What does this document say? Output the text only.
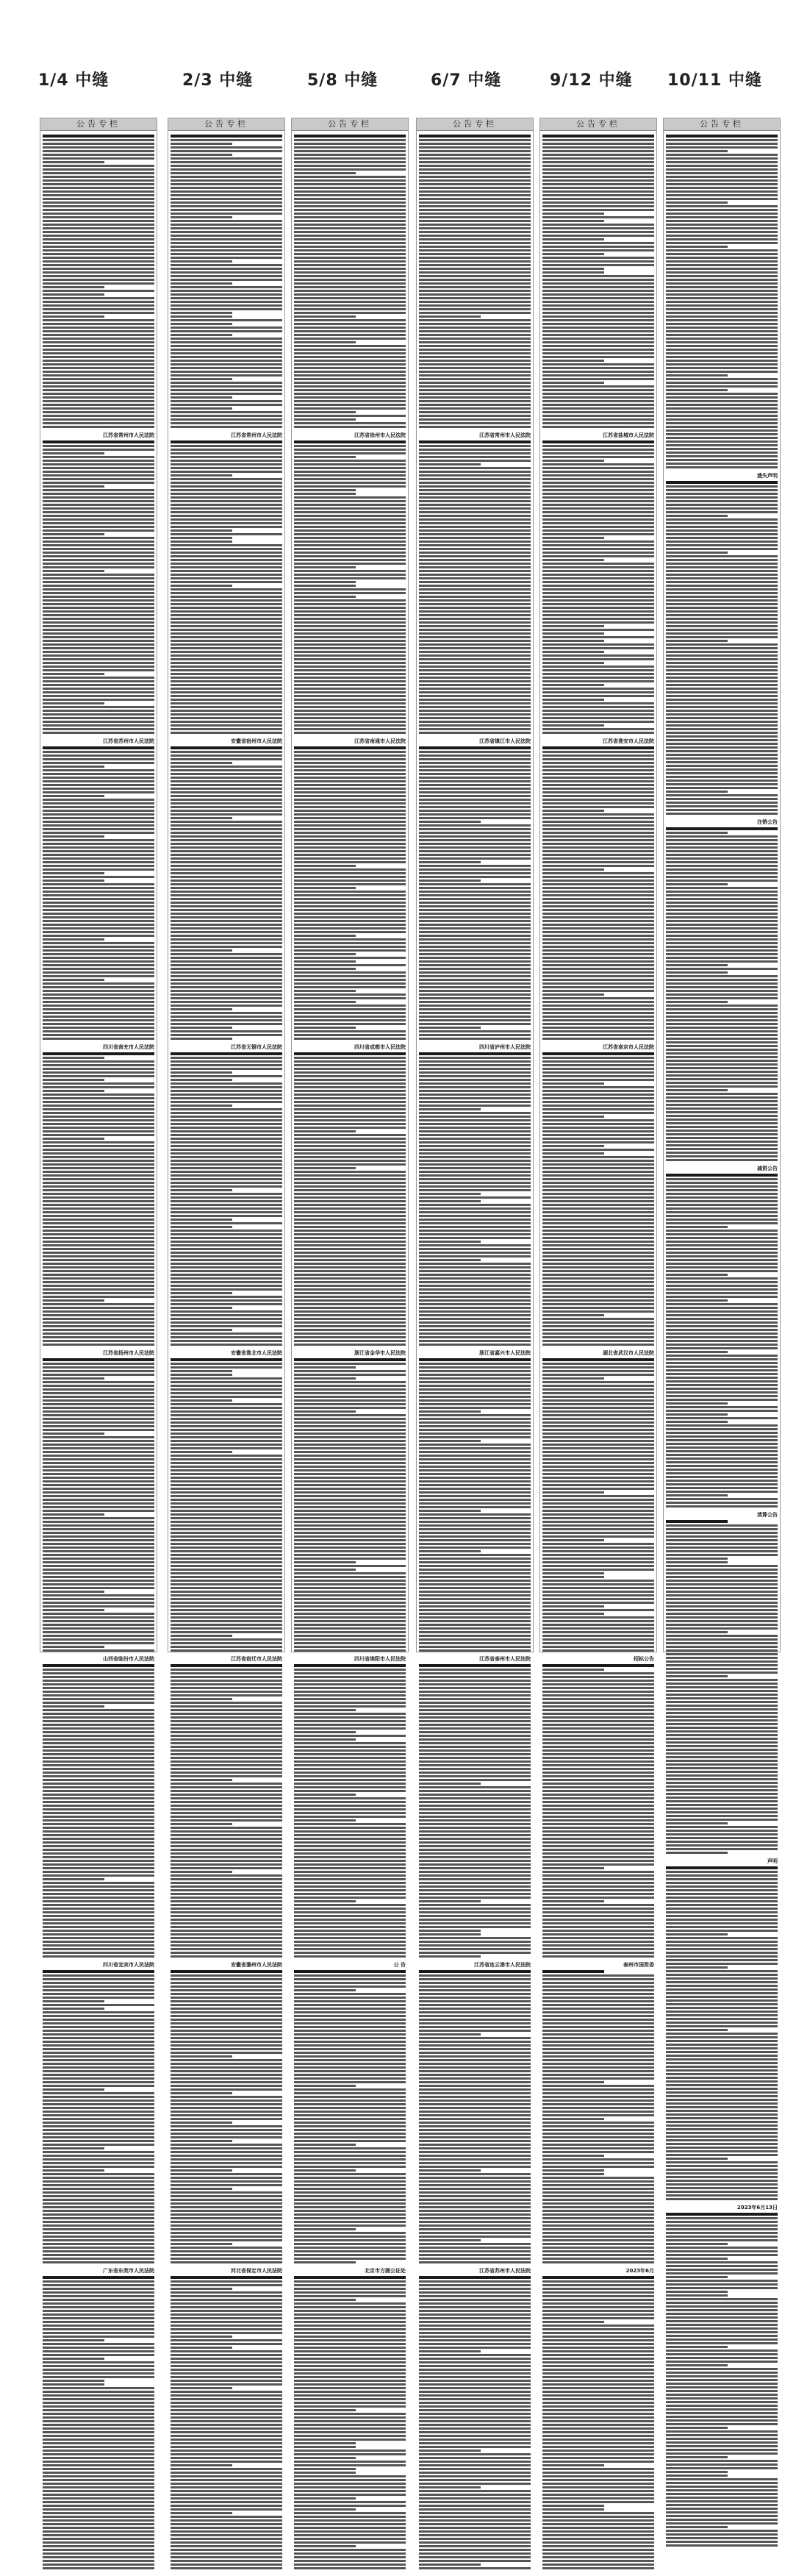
1/4 中缝	2/3 中缝	5/8 中缝	6/7 中缝	9/12 中缝 10/11 中缝
公告专栏
江苏省常州市人民法院
江苏省苏州市人民法院
四川省南充市人民法院
江苏省扬州市人民法院
山西省临汾市人民法院
四川省宜宾市人民法院
广东省东莞市人民法院
公告专栏
江苏省常州市人民法院
安徽省宿州市人民法院
江苏省无锡市人民法院
安徽省淮北市人民法院
江苏省宿迁市人民法院
安徽省滁州市人民法院
河北省保定市人民法院
公告专栏
江苏省徐州市人民法院
江苏省南通市人民法院
四川省成都市人民法院
浙江省金华市人民法院
四川省绵阳市人民法院
公 告
北京市方圆公证处
公告专栏
江苏省常州市人民法院
江苏省镇江市人民法院
四川省泸州市人民法院
浙江省嘉兴市人民法院
江苏省泰州市人民法院
江苏省连云港市人民法院
江苏省苏州市人民法院
公告专栏
江苏省盐城市人民法院
江苏省淮安市人民法院
江苏省南京市人民法院
湖北省武汉市人民法院
招标公告
泰州市国资委
2023年6月
公告专栏
遗失声明
注销公告
减资公告
清算公告
声明
2023年6月13日
